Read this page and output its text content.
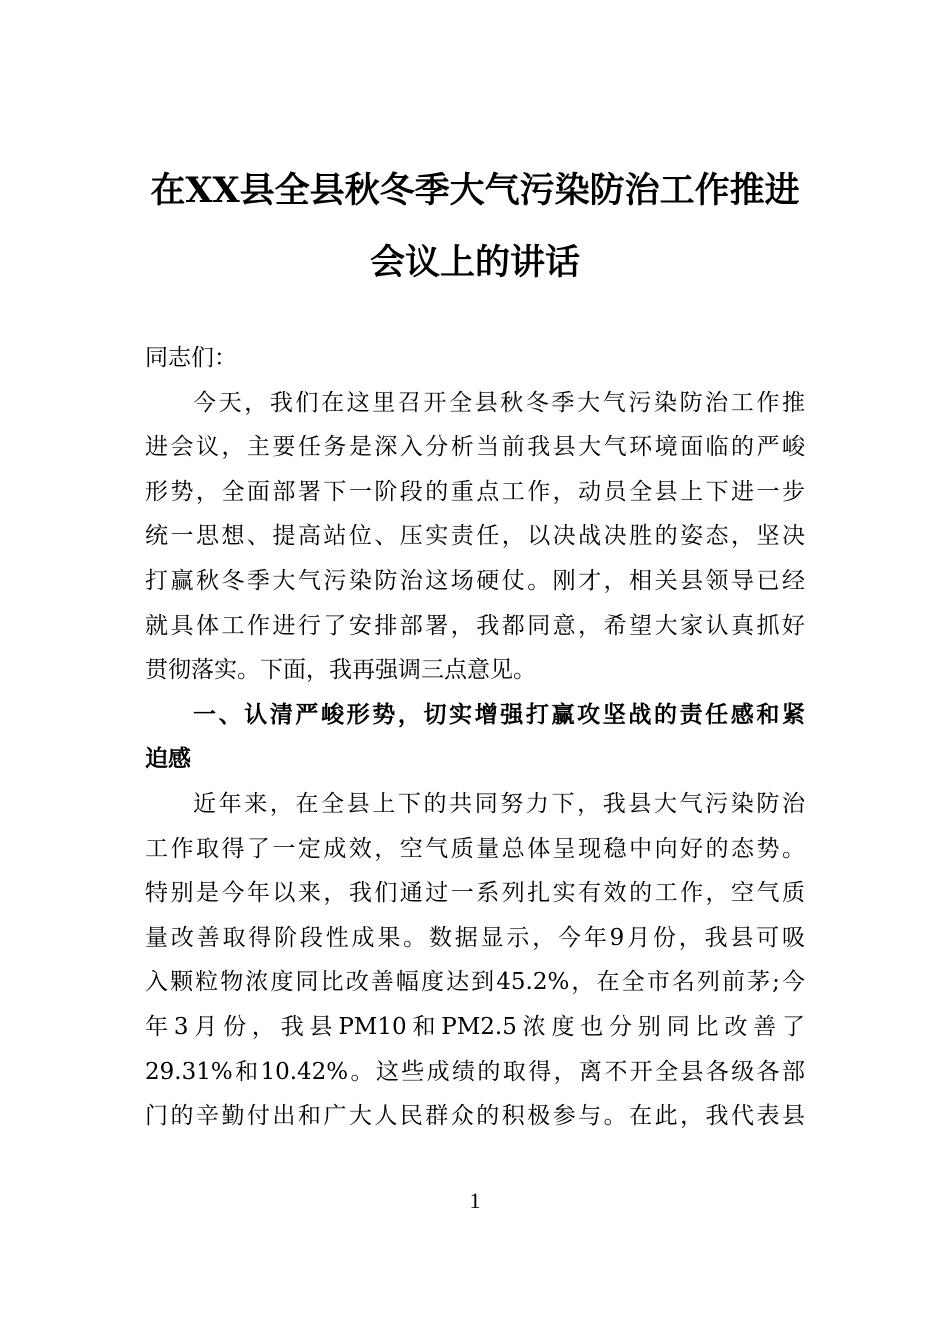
在XX县全县秋冬季大气污染防治工作推进
会议上的讲话
同志们：
今天，我们在这里召开全县秋冬季大气污染防治工作推
进会议，主要任务是深入分析当前我县大气环境面临的严峻
形势，全面部署下一阶段的重点工作，动员全县上下进一步
统一思想、提高站位、压实责任，以决战决胜的姿态，坚决
打赢秋冬季大气污染防治这场硬仗。刚才，相关县领导已经
就具体工作进行了安排部署，我都同意，希望大家认真抓好
贯彻落实。下面，我再强调三点意见。
一、认清严峻形势，切实增强打赢攻坚战的责任感和紧
迫感
近年来，在全县上下的共同努力下，我县大气污染防治
工作取得了一定成效，空气质量总体呈现稳中向好的态势。
特别是今年以来，我们通过一系列扎实有效的工作，空气质
量改善取得阶段性成果。数据显示，今年9月份，我县可吸
入颗粒物浓度同比改善幅度达到45.2%，在全市名列前茅;今
年3月份，我县PM10和PM2.5浓度也分别同比改善了
29.31%和10.42%。这些成绩的取得，离不开全县各级各部
门的辛勤付出和广大人民群众的积极参与。在此，我代表县
1
